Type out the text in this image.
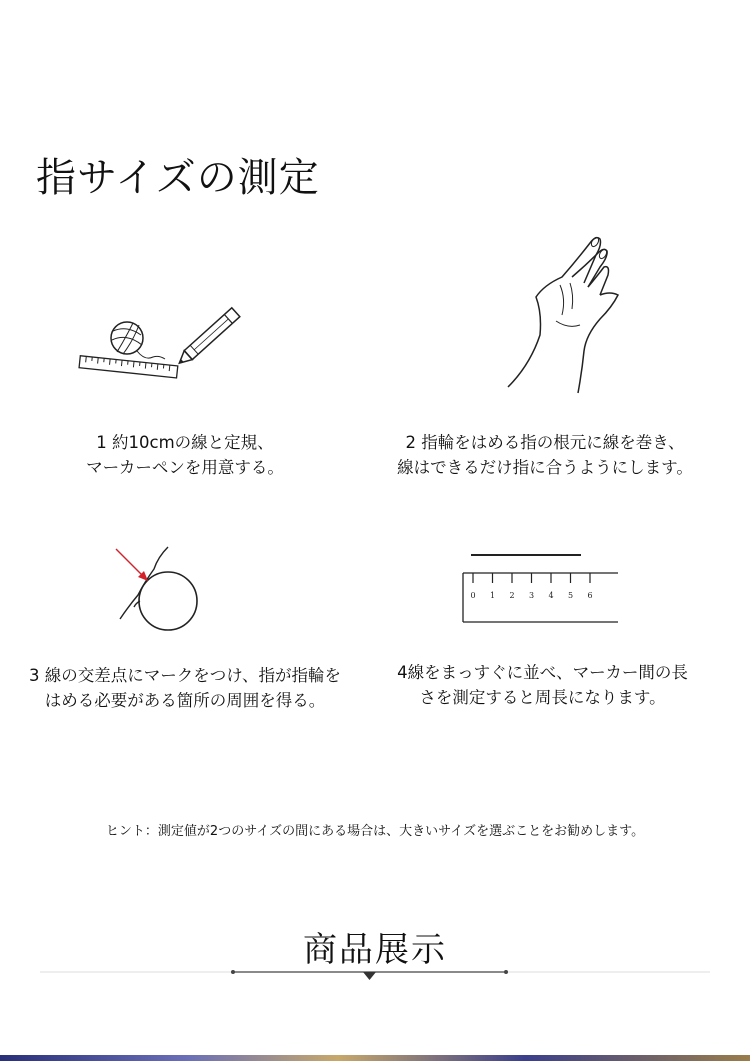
指サイズの測定
1 約10cmの線と定規、
マーカーペンを用意する。
2 指輪をはめる指の根元に線を巻き、
線はできるだけ指に合うようにします。
0 1 2 3 4 5 6
3 線の交差点にマークをつけ、指が指輪を
はめる必要がある箇所の周囲を得る。
4線をまっすぐに並べ、マーカー間の長
さを測定すると周長になります。
ヒント：測定値が2つのサイズの間にある場合は、大きいサイズを選ぶことをお勧めします。
商品展示
